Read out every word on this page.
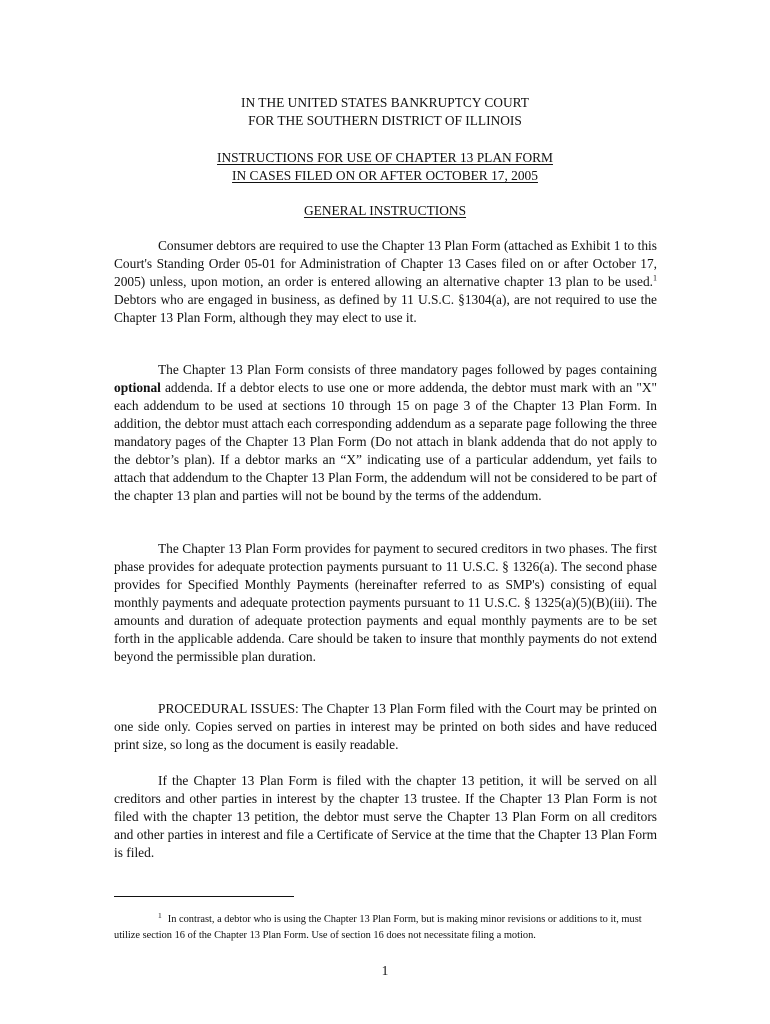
IN THE UNITED STATES BANKRUPTCY COURT

FOR THE SOUTHERN DISTRICT OF ILLINOIS

INSTRUCTIONS FOR USE OF CHAPTER 13 PLAN FORM

IN CASES FILED ON OR AFTER OCTOBER 17, 2005

GENERAL INSTRUCTIONS

Consumer debtors are required to use the Chapter 13 Plan Form (attached as Exhibit 1 to this Court's Standing Order 05-01 for Administration of Chapter 13 Cases filed on or after October 17, 2005) unless, upon motion, an order is entered allowing an alternative chapter 13 plan to be used.$^1$ Debtors who are engaged in business, as defined by 11 U.S.C. §1304(a), are not required to use the Chapter 13 Plan Form, although they may elect to use it.

The Chapter 13 Plan Form consists of three mandatory pages followed by pages containing optional addenda. If a debtor elects to use one or more addenda, the debtor must mark with an "X" each addendum to be used at sections 10 through 15 on page 3 of the Chapter 13 Plan Form. In addition, the debtor must attach each corresponding addendum as a separate page following the three mandatory pages of the Chapter 13 Plan Form (Do not attach in blank addenda that do not apply to the debtor’s plan). If a debtor marks an “X” indicating use of a particular addendum, yet fails to attach that addendum to the Chapter 13 Plan Form, the addendum will not be considered to be part of the chapter 13 plan and parties will not be bound by the terms of the addendum.

The Chapter 13 Plan Form provides for payment to secured creditors in two phases. The first phase provides for adequate protection payments pursuant to 11 U.S.C. § 1326(a). The second phase provides for Specified Monthly Payments (hereinafter referred to as SMP's) consisting of equal monthly payments and adequate protection payments pursuant to 11 U.S.C. § 1325(a)(5)(B)(iii). The amounts and duration of adequate protection payments and equal monthly payments are to be set forth in the applicable addenda. Care should be taken to insure that monthly payments do not extend beyond the permissible plan duration.

PROCEDURAL ISSUES: The Chapter 13 Plan Form filed with the Court may be printed on one side only. Copies served on parties in interest may be printed on both sides and have reduced print size, so long as the document is easily readable.

If the Chapter 13 Plan Form is filed with the chapter 13 petition, it will be served on all creditors and other parties in interest by the chapter 13 trustee. If the Chapter 13 Plan Form is not filed with the chapter 13 petition, the debtor must serve the Chapter 13 Plan Form on all creditors and other parties in interest and file a Certificate of Service at the time that the Chapter 13 Plan Form is filed.

$^1$ In contrast, a debtor who is using the Chapter 13 Plan Form, but is making minor revisions or additions to it, must utilize section 16 of the Chapter 13 Plan Form. Use of section 16 does not necessitate filing a motion.

1
